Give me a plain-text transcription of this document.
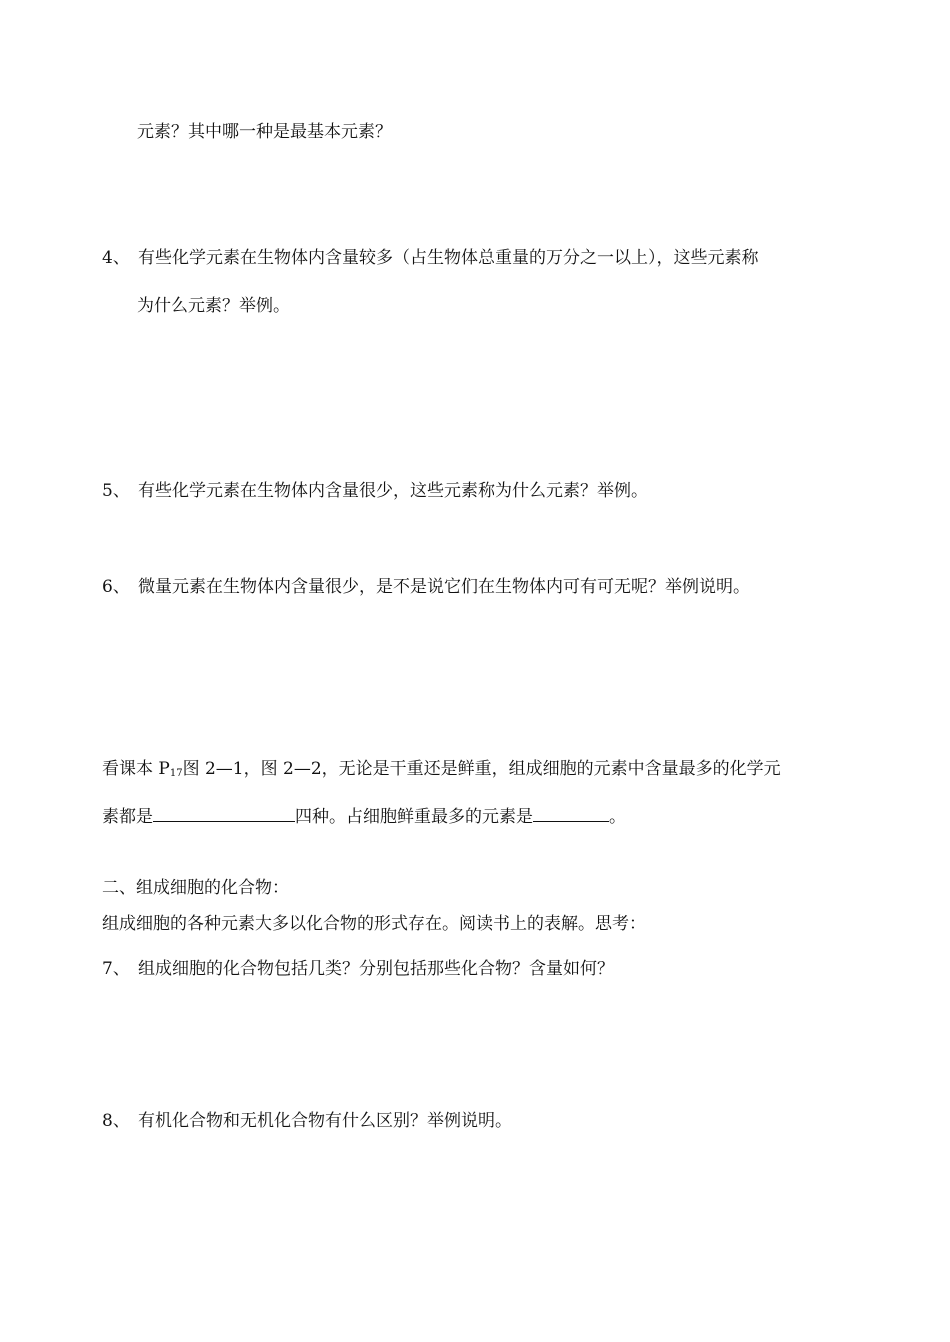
元素？其中哪一种是最基本元素？
4、 有些化学元素在生物体内含量较多（占生物体总重量的万分之一以上），这些元素称
为什么元素？举例。
5、 有些化学元素在生物体内含量很少，这些元素称为什么元素？举例。
6、 微量元素在生物体内含量很少，是不是说它们在生物体内可有可无呢？举例说明。
看课本 $P_{17}$图 2—1，图 2—2，无论是干重还是鲜重，组成细胞的元素中含量最多的化学元
素都是	四种。占细胞鲜重最多的元素是	。
二、组成细胞的化合物：
组成细胞的各种元素大多以化合物的形式存在。阅读书上的表解。思考：
7、 组成细胞的化合物包括几类？分别包括那些化合物？含量如何？
8、 有机化合物和无机化合物有什么区别？举例说明。
